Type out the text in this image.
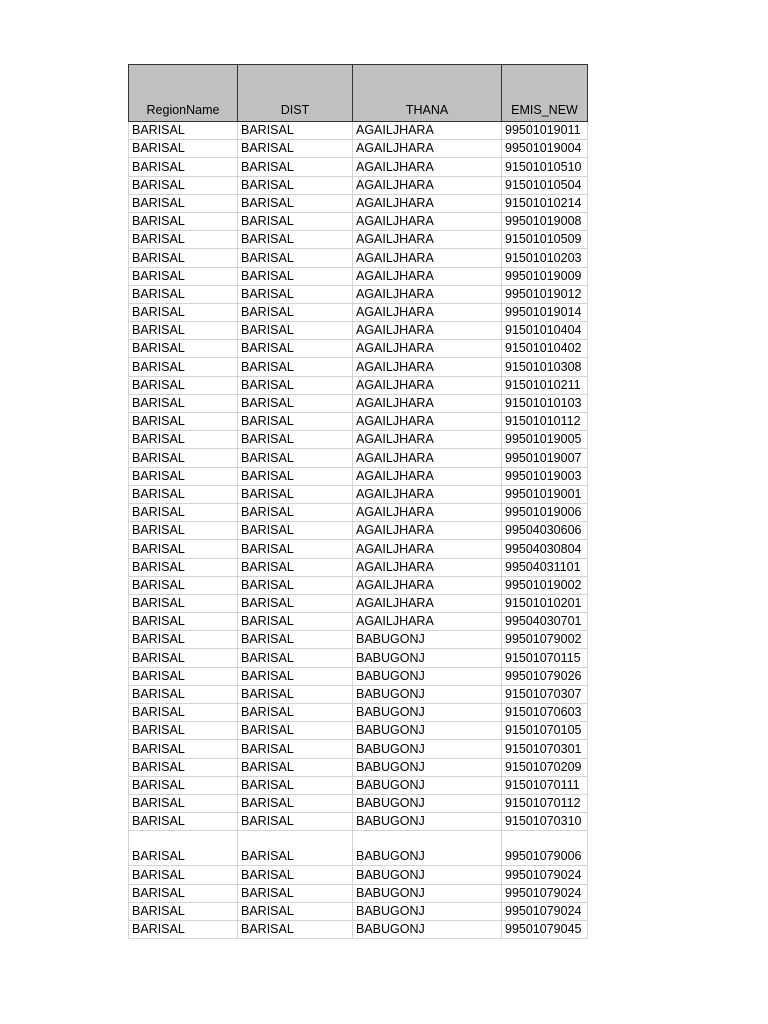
RegionName	DIST	THANA	EMIS_NEW
BARISAL	BARISAL	AGAILJHARA	99501019011
BARISAL	BARISAL	AGAILJHARA	99501019004
BARISAL	BARISAL	AGAILJHARA	91501010510
BARISAL	BARISAL	AGAILJHARA	91501010504
BARISAL	BARISAL	AGAILJHARA	91501010214
BARISAL	BARISAL	AGAILJHARA	99501019008
BARISAL	BARISAL	AGAILJHARA	91501010509
BARISAL	BARISAL	AGAILJHARA	91501010203
BARISAL	BARISAL	AGAILJHARA	99501019009
BARISAL	BARISAL	AGAILJHARA	99501019012
BARISAL	BARISAL	AGAILJHARA	99501019014
BARISAL	BARISAL	AGAILJHARA	91501010404
BARISAL	BARISAL	AGAILJHARA	91501010402
BARISAL	BARISAL	AGAILJHARA	91501010308
BARISAL	BARISAL	AGAILJHARA	91501010211
BARISAL	BARISAL	AGAILJHARA	91501010103
BARISAL	BARISAL	AGAILJHARA	91501010112
BARISAL	BARISAL	AGAILJHARA	99501019005
BARISAL	BARISAL	AGAILJHARA	99501019007
BARISAL	BARISAL	AGAILJHARA	99501019003
BARISAL	BARISAL	AGAILJHARA	99501019001
BARISAL	BARISAL	AGAILJHARA	99501019006
BARISAL	BARISAL	AGAILJHARA	99504030606
BARISAL	BARISAL	AGAILJHARA	99504030804
BARISAL	BARISAL	AGAILJHARA	99504031101
BARISAL	BARISAL	AGAILJHARA	99501019002
BARISAL	BARISAL	AGAILJHARA	91501010201
BARISAL	BARISAL	AGAILJHARA	99504030701
BARISAL	BARISAL	BABUGONJ	99501079002
BARISAL	BARISAL	BABUGONJ	91501070115
BARISAL	BARISAL	BABUGONJ	99501079026
BARISAL	BARISAL	BABUGONJ	91501070307
BARISAL	BARISAL	BABUGONJ	91501070603
BARISAL	BARISAL	BABUGONJ	91501070105
BARISAL	BARISAL	BABUGONJ	91501070301
BARISAL	BARISAL	BABUGONJ	91501070209
BARISAL	BARISAL	BABUGONJ	91501070111
BARISAL	BARISAL	BABUGONJ	91501070112
BARISAL	BARISAL	BABUGONJ	91501070310
BARISAL	BARISAL	BABUGONJ	99501079006
BARISAL	BARISAL	BABUGONJ	99501079024
BARISAL	BARISAL	BABUGONJ	99501079024
BARISAL	BARISAL	BABUGONJ	99501079024
BARISAL	BARISAL	BABUGONJ	99501079045
